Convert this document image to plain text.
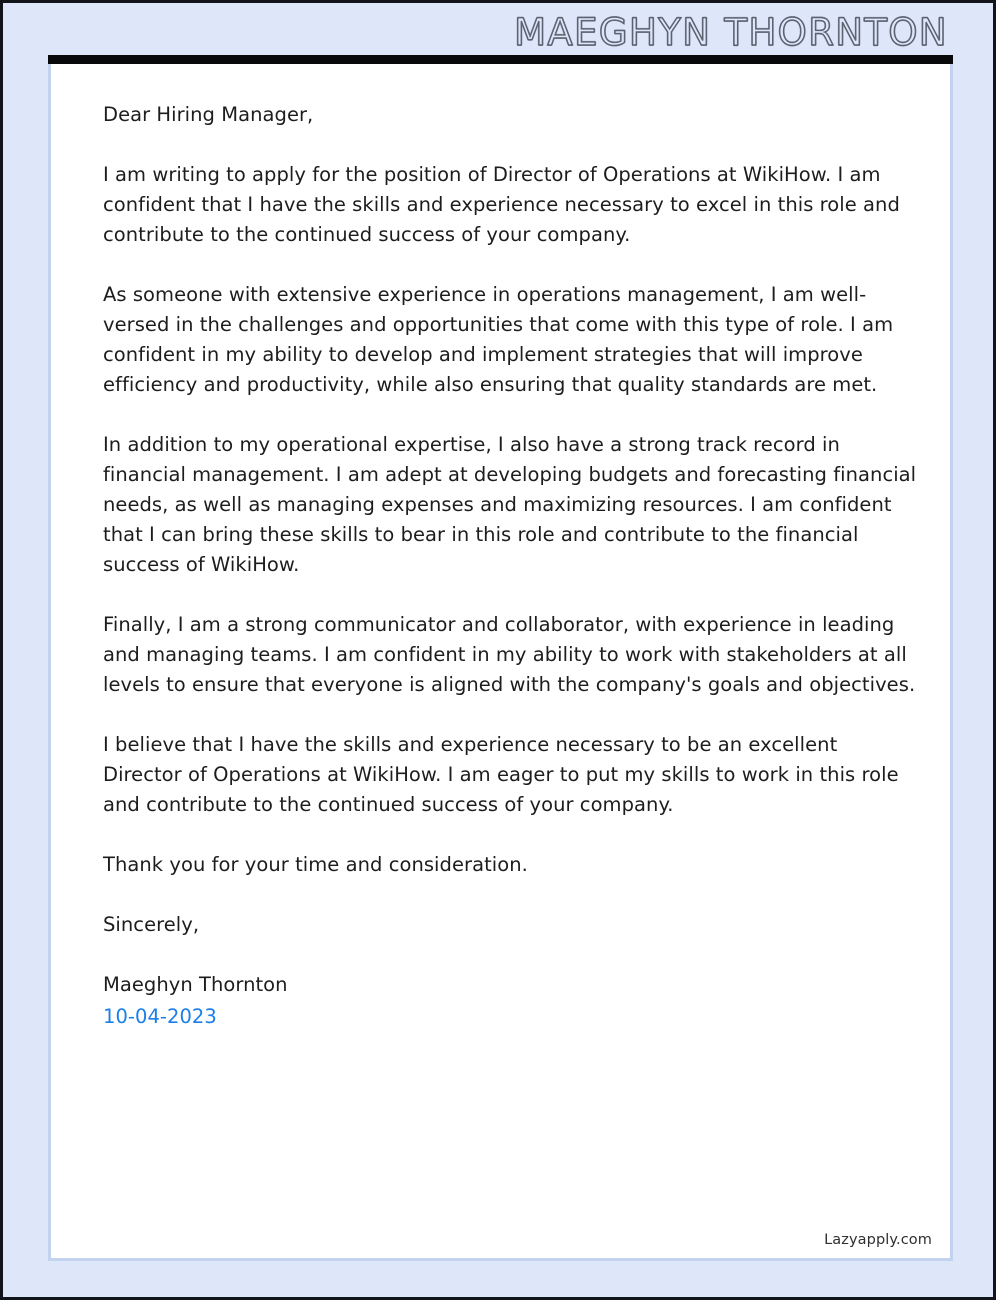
MAEGHYN THORNTON

Dear Hiring Manager,

I am writing to apply for the position of Director of Operations at WikiHow. I am confident that I have the skills and experience necessary to excel in this role and contribute to the continued success of your company.

As someone with extensive experience in operations management, I am well-versed in the challenges and opportunities that come with this type of role. I am confident in my ability to develop and implement strategies that will improve efficiency and productivity, while also ensuring that quality standards are met.

In addition to my operational expertise, I also have a strong track record in financial management. I am adept at developing budgets and forecasting financial needs, as well as managing expenses and maximizing resources. I am confident that I can bring these skills to bear in this role and contribute to the financial success of WikiHow.

Finally, I am a strong communicator and collaborator, with experience in leading and managing teams. I am confident in my ability to work with stakeholders at all levels to ensure that everyone is aligned with the company's goals and objectives.

I believe that I have the skills and experience necessary to be an excellent Director of Operations at WikiHow. I am eager to put my skills to work in this role and contribute to the continued success of your company.

Thank you for your time and consideration.

Sincerely,

Maeghyn Thornton

10-04-2023

Lazyapply.com
